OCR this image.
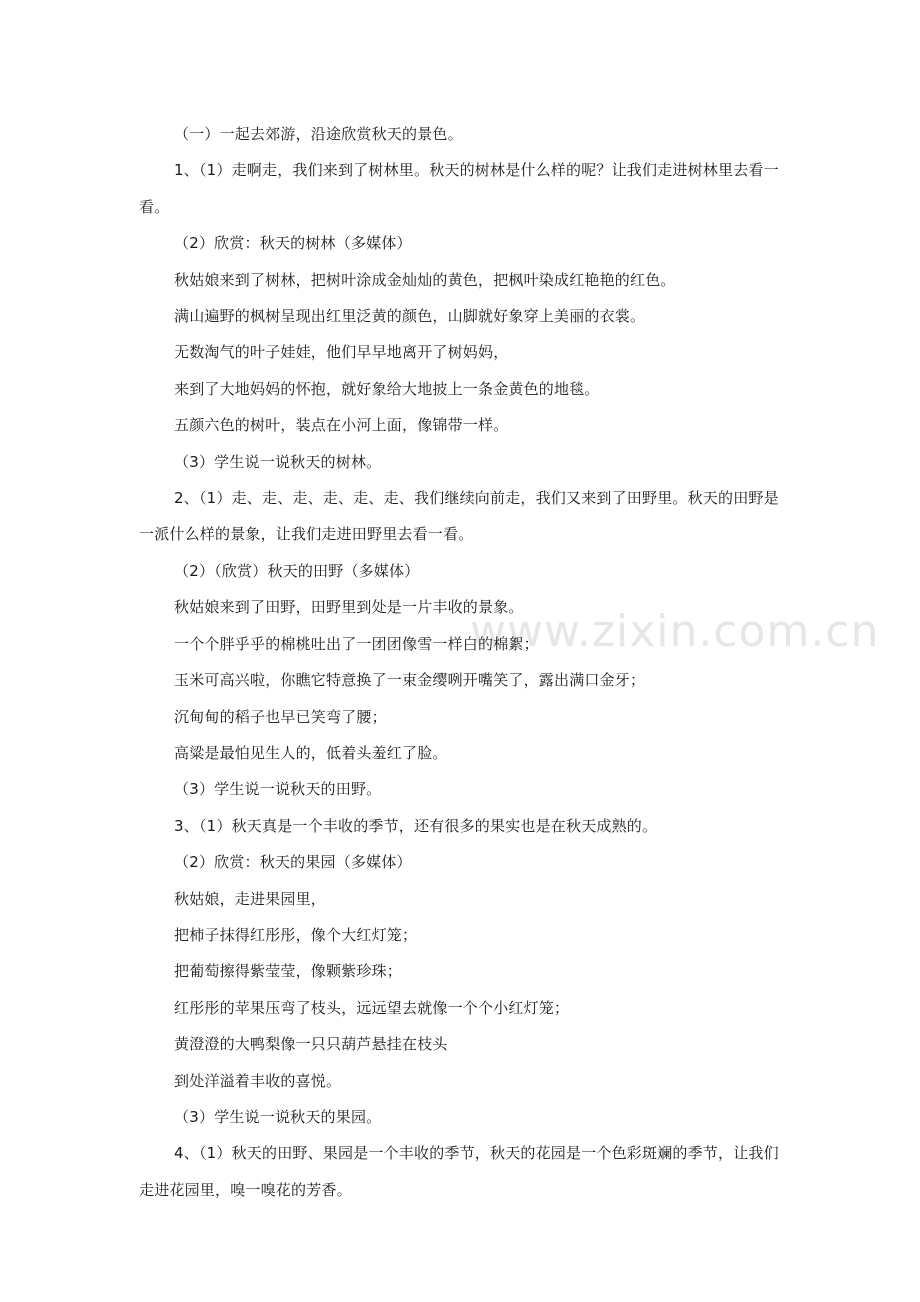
www.zixin.com.cn

（一）一起去郊游，沿途欣赏秋天的景色。

1、（1）走啊走，我们来到了树林里。秋天的树林是什么样的呢？让我们走进树林里去看一看。

（2）欣赏：秋天的树林（多媒体）

秋姑娘来到了树林，把树叶涂成金灿灿的黄色，把枫叶染成红艳艳的红色。

满山遍野的枫树呈现出红里泛黄的颜色，山脚就好象穿上美丽的衣裳。

无数淘气的叶子娃娃，他们早早地离开了树妈妈，

来到了大地妈妈的怀抱，就好象给大地披上一条金黄色的地毯。

五颜六色的树叶，装点在小河上面，像锦带一样。

（3）学生说一说秋天的树林。

2、（1）走、走、走、走、走、走、我们继续向前走，我们又来到了田野里。秋天的田野是一派什么样的景象，让我们走进田野里去看一看。

（2）（欣赏）秋天的田野（多媒体）

秋姑娘来到了田野，田野里到处是一片丰收的景象。

一个个胖乎乎的棉桃吐出了一团团像雪一样白的棉絮；

玉米可高兴啦，你瞧它特意换了一束金缨咧开嘴笑了，露出满口金牙；

沉甸甸的稻子也早已笑弯了腰；

高粱是最怕见生人的，低着头羞红了脸。

（3）学生说一说秋天的田野。

3、（1）秋天真是一个丰收的季节，还有很多的果实也是在秋天成熟的。

（2）欣赏：秋天的果园（多媒体）

秋姑娘，走进果园里，

把柿子抹得红彤彤，像个大红灯笼；

把葡萄擦得紫莹莹，像颗紫珍珠；

红彤彤的苹果压弯了枝头，远远望去就像一个个小红灯笼；

黄澄澄的大鸭梨像一只只葫芦悬挂在枝头

到处洋溢着丰收的喜悦。

（3）学生说一说秋天的果园。

4、（1）秋天的田野、果园是一个丰收的季节，秋天的花园是一个色彩斑斓的季节，让我们走进花园里，嗅一嗅花的芳香。
